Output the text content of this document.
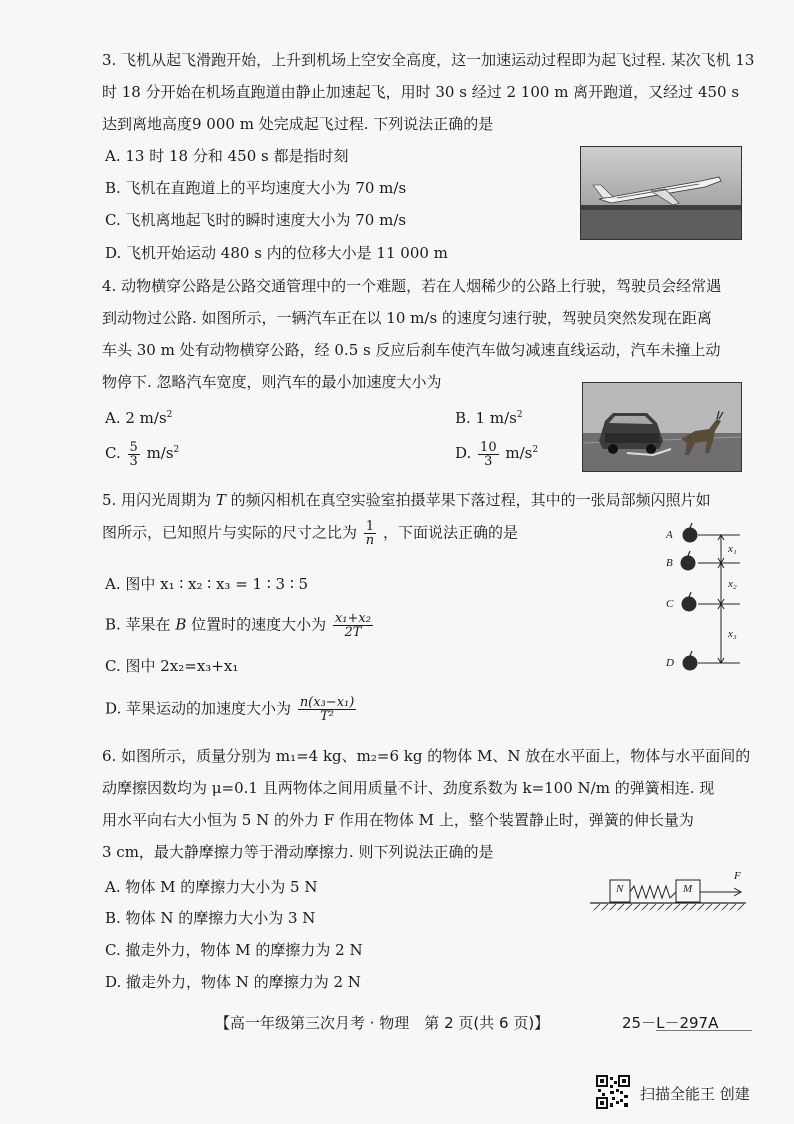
3. 飞机从起飞滑跑开始，上升到机场上空安全高度，这一加速运动过程即为起飞过程. 某次飞机 13
时 18 分开始在机场直跑道由静止加速起飞，用时 30 s 经过 2 100 m 离开跑道，又经过 450 s
达到离地高度9 000 m 处完成起飞过程. 下列说法正确的是
A. 13 时 18 分和 450 s 都是指时刻
B. 飞机在直跑道上的平均速度大小为 70 m/s
C. 飞机离地起飞时的瞬时速度大小为 70 m/s
D. 飞机开始运动 480 s 内的位移大小是 11 000 m
4. 动物横穿公路是公路交通管理中的一个难题，若在人烟稀少的公路上行驶，驾驶员会经常遇
到动物过公路. 如图所示，一辆汽车正在以 10 m/s 的速度匀速行驶，驾驶员突然发现在距离
车头 30 m 处有动物横穿公路，经 0.5 s 反应后刹车使汽车做匀减速直线运动，汽车未撞上动
物停下. 忽略汽车宽度，则汽车的最小加速度大小为
A. 2 $m/s^2$	B. 1 $m/s^2$
C. $\frac{5}{3} m/s^2$	D. $\frac{10}{3} m/s^2$
5. 用闪光周期为 T 的频闪相机在真空实验室拍摄苹果下落过程，其中的一张局部频闪照片如
图所示，已知照片与实际的尺寸之比为 $\frac{1}{n}$ ，下面说法正确的是
A. 图中 x₁ ∶ x₂ ∶ x₃ = 1 ∶ 3 ∶ 5
B. 苹果在 B 位置时的速度大小为 $\frac{\text{x₁+x₂}}{2T}$
C. 图中 2x₂=x₃+x₁
D. 苹果运动的加速度大小为 $\frac{\text{n(x₃−x₁)}}{\text{T²}}$
A
B
C
D
x₁
x₂
x₃
6. 如图所示，质量分别为 m₁=4 kg、m₂=6 kg 的物体 M、N 放在水平面上，物体与水平面间的
动摩擦因数均为 μ=0.1 且两物体之间用质量不计、劲度系数为 k=100 N/m 的弹簧相连. 现
用水平向右大小恒为 5 N 的外力 F 作用在物体 M 上，整个装置静止时，弹簧的伸长量为
3 cm，最大静摩擦力等于滑动摩擦力. 则下列说法正确的是
A. 物体 M 的摩擦力大小为 5 N
B. 物体 N 的摩擦力大小为 3 N
C. 撤走外力，物体 M 的摩擦力为 2 N
D. 撤走外力，物体 N 的摩擦力为 2 N
N	M
F
【高一年级第三次月考 · 物理　第 2 页(共 6 页)】	25－L－297A
扫描全能王 创建
